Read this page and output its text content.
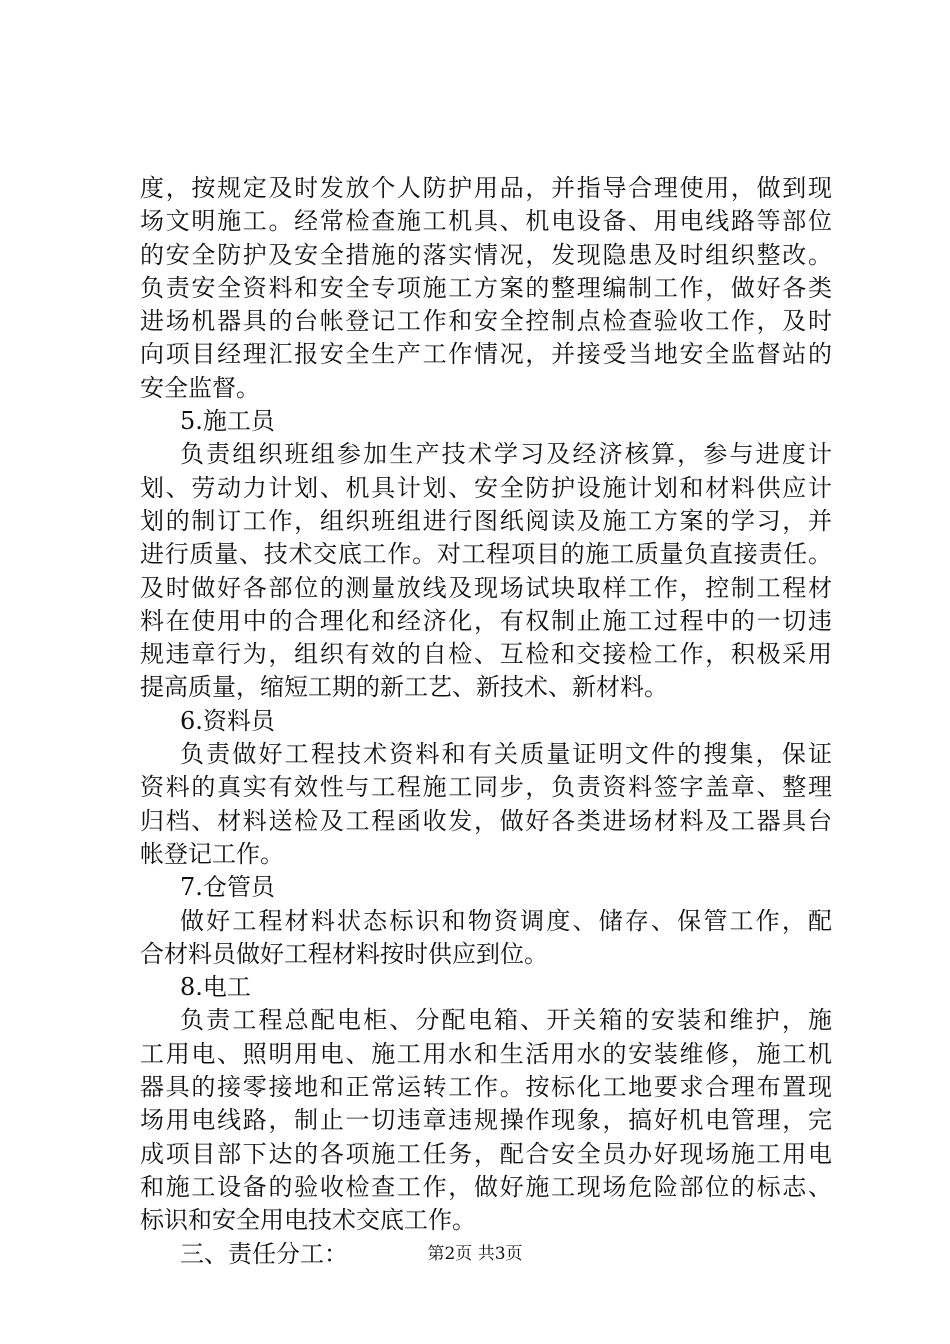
度，按规定及时发放个人防护用品，并指导合理使用，做到现
场文明施工。经常检查施工机具、机电设备、用电线路等部位
的安全防护及安全措施的落实情况，发现隐患及时组织整改。
负责安全资料和安全专项施工方案的整理编制工作，做好各类
进场机器具的台帐登记工作和安全控制点检查验收工作，及时
向项目经理汇报安全生产工作情况，并接受当地安全监督站的
安全监督。
5.施工员
负责组织班组参加生产技术学习及经济核算，参与进度计
划、劳动力计划、机具计划、安全防护设施计划和材料供应计
划的制订工作，组织班组进行图纸阅读及施工方案的学习，并
进行质量、技术交底工作。对工程项目的施工质量负直接责任。
及时做好各部位的测量放线及现场试块取样工作，控制工程材
料在使用中的合理化和经济化，有权制止施工过程中的一切违
规违章行为，组织有效的自检、互检和交接检工作，积极采用
提高质量，缩短工期的新工艺、新技术、新材料。
6.资料员
负责做好工程技术资料和有关质量证明文件的搜集，保证
资料的真实有效性与工程施工同步，负责资料签字盖章、整理
归档、材料送检及工程函收发，做好各类进场材料及工器具台
帐登记工作。
7.仓管员
做好工程材料状态标识和物资调度、储存、保管工作，配
合材料员做好工程材料按时供应到位。
8.电工
负责工程总配电柜、分配电箱、开关箱的安装和维护，施
工用电、照明用电、施工用水和生活用水的安装维修，施工机
器具的接零接地和正常运转工作。按标化工地要求合理布置现
场用电线路，制止一切违章违规操作现象，搞好机电管理，完
成项目部下达的各项施工任务，配合安全员办好现场施工用电
和施工设备的验收检查工作，做好施工现场危险部位的标志、
标识和安全用电技术交底工作。
三、责任分工：	第2页 共3页
